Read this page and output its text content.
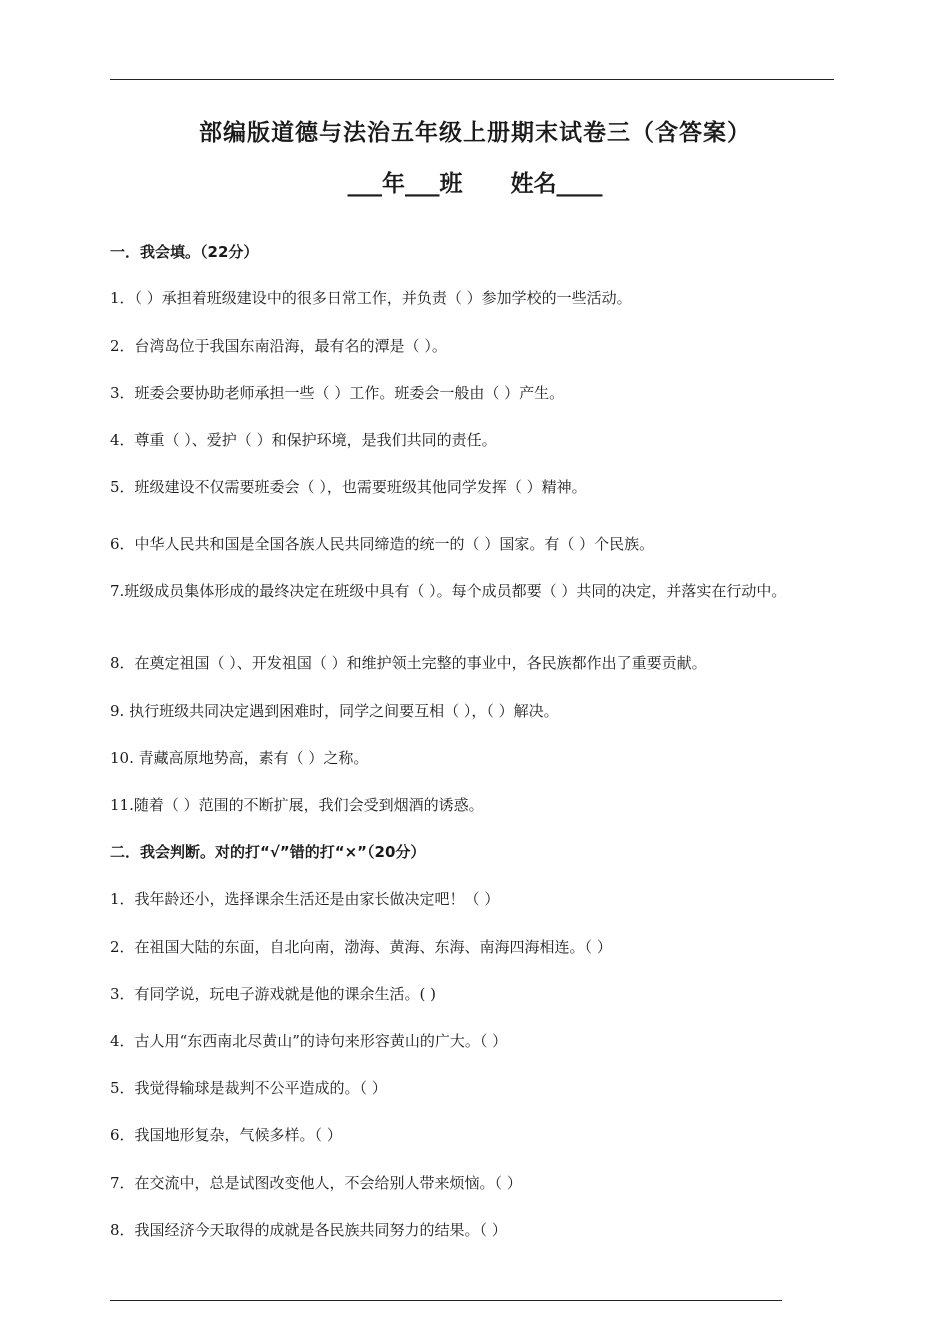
部编版道德与法治五年级上册期末试卷三（含答案）
___年___班      姓名____
一．我会填。（22分）
1．（ ）承担着班级建设中的很多日常工作，并负责（ ）参加学校的一些活动。
2．台湾岛位于我国东南沿海，最有名的潭是（ ）。
3．班委会要协助老师承担一些（ ）工作。班委会一般由（ ）产生。
4．尊重（ ）、爱护（ ）和保护环境，是我们共同的责任。
5．班级建设不仅需要班委会（ ），也需要班级其他同学发挥（ ）精神。
6．中华人民共和国是全国各族人民共同缔造的统一的（ ）国家。有（ ）个民族。
7.班级成员集体形成的最终决定在班级中具有（ ）。每个成员都要（ ）共同的决定，并落实在行动中。
8．在奠定祖国（ ）、开发祖国（ ）和维护领土完整的事业中，各民族都作出了重要贡献。
9. 执行班级共同决定遇到困难时，同学之间要互相（ ），（ ）解决。
10. 青藏高原地势高，素有（ ）之称。
11.随着（ ）范围的不断扩展，我们会受到烟酒的诱惑。
二．我会判断。对的打“√”错的打“×”（20分）
1．我年龄还小，选择课余生活还是由家长做决定吧！（ ）
2．在祖国大陆的东面，自北向南，渤海、黄海、东海、南海四海相连。（ ）
3．有同学说，玩电子游戏就是他的课余生活。( )
4．古人用“东西南北尽黄山”的诗句来形容黄山的广大。（ ）
5．我觉得输球是裁判不公平造成的。（ ）
6．我国地形复杂，气候多样。（ ）
7．在交流中，总是试图改变他人，不会给别人带来烦恼。（ ）
8．我国经济今天取得的成就是各民族共同努力的结果。（ ）
